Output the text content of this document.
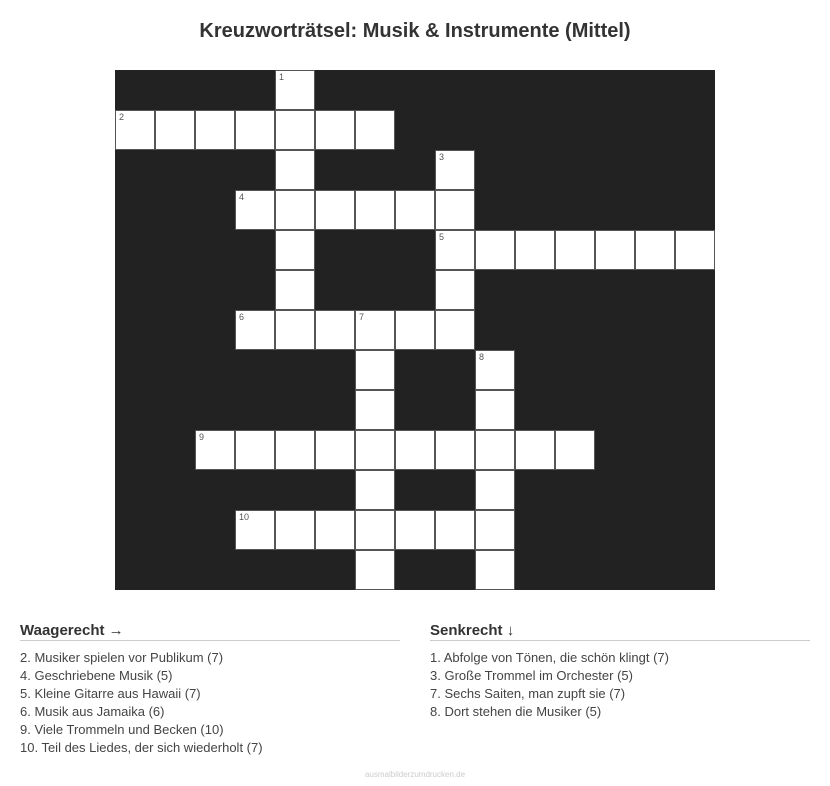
Kreuzworträtsel: Musik & Instrumente (Mittel)
1
2
3
4
5
6	7
8
9
10
Waagerecht →
2. Musiker spielen vor Publikum (7)
4. Geschriebene Musik (5)
5. Kleine Gitarre aus Hawaii (7)
6. Musik aus Jamaika (6)
9. Viele Trommeln und Becken (10)
10. Teil des Liedes, der sich wiederholt (7)
Senkrecht ↓
1. Abfolge von Tönen, die schön klingt (7)
3. Große Trommel im Orchester (5)
7. Sechs Saiten, man zupft sie (7)
8. Dort stehen die Musiker (5)
ausmalbilderzumdrucken.de
